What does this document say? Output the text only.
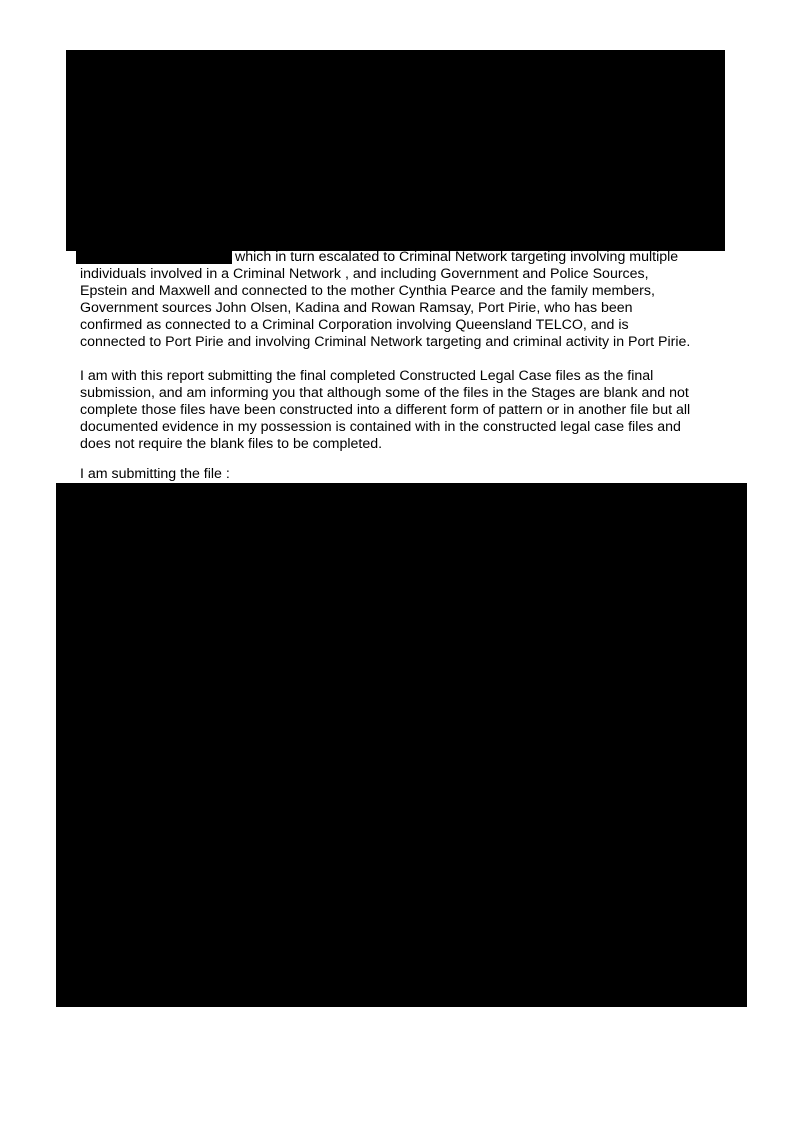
which in turn escalated to Criminal Network targeting involving multiple
individuals involved in a Criminal Network , and including Government and Police Sources,
Epstein and Maxwell and connected to the mother Cynthia Pearce and the family members,
Government sources John Olsen, Kadina and Rowan Ramsay, Port Pirie, who has been
confirmed as connected to a Criminal Corporation involving Queensland TELCO, and is
connected to Port Pirie and involving Criminal Network targeting and criminal activity in Port Pirie.

I am with this report submitting the final completed Constructed Legal Case files as the final
submission, and am informing you that although some of the files in the Stages are blank and not
complete those files have been constructed into a different form of pattern or in another file but all
documented evidence in my possession is contained with in the constructed legal case files and
does not require the blank files to be completed.

I am submitting the file :
